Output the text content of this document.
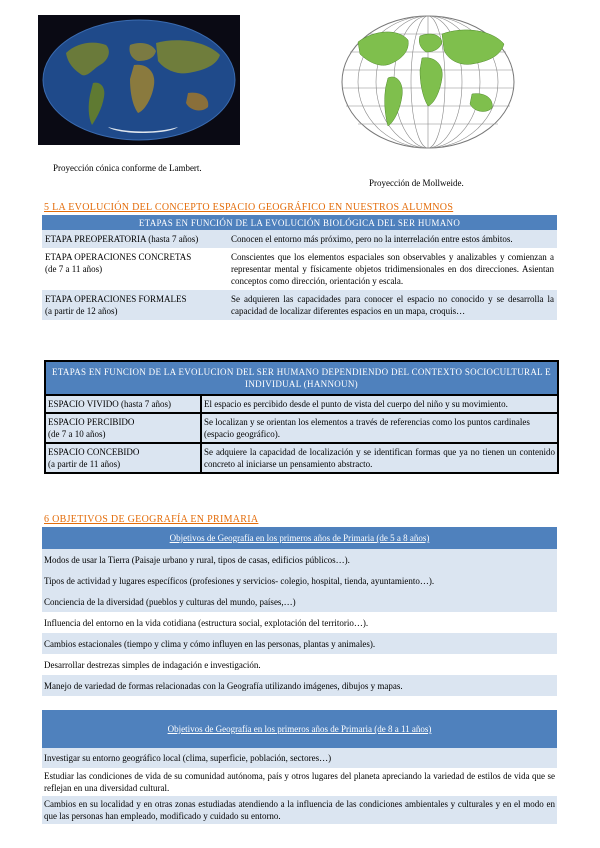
Proyección cónica conforme de Lambert.
Proyección de Mollweide.
5 LA EVOLUCIÓN DEL CONCEPTO ESPACIO GEOGRÁFICO EN NUESTROS ALUMNOS
ETAPAS EN FUNCIÓN DE LA EVOLUCIÓN BIOLÓGICA DEL SER HUMANO	
ETAPA PREOPERATORIA (hasta 7 años)	Conocen el entorno más próximo, pero no la interrelación entre estos ámbitos.
ETAPA OPERACIONES CONCRETAS
(de 7 a 11 años)	Conscientes que los elementos espaciales son observables y analizables y comienzan a representar mental y físicamente objetos tridimensionales en dos direcciones. Asientan conceptos como dirección, orientación y escala.
ETAPA OPERACIONES FORMALES
(a partir de 12 años)	Se adquieren las capacidades para conocer el espacio no conocido y se desarrolla la capacidad de localizar diferentes espacios en un mapa, croquis…
ETAPAS EN FUNCION DE LA EVOLUCION DEL SER HUMANO DEPENDIENDO DEL CONTEXTO SOCIOCULTURAL E INDIVIDUAL (HANNOUN)	
ESPACIO VIVIDO (hasta 7 años)	El espacio es percibido desde el punto de vista del cuerpo del niño y su movimiento.
ESPACIO PERCIBIDO
(de 7 a 10 años)	Se localizan y se orientan los elementos a través de referencias como los puntos cardinales (espacio geográfico).
ESPACIO CONCEBIDO
(a partir de 11 años)	Se adquiere la capacidad de localización y se identifican formas que ya no tienen un contenido concreto al iniciarse un pensamiento abstracto.
6 OBJETIVOS DE GEOGRAFÍA EN PRIMARIA
Objetivos de Geografía en los primeros años de Primaria (de 5 a 8 años)
Modos de usar la Tierra (Paisaje urbano y rural, tipos de casas, edificios públicos…).
Tipos de actividad y lugares específicos (profesiones y servicios- colegio, hospital, tienda, ayuntamiento…).
Conciencia de la diversidad (pueblos y culturas del mundo, países,…)
Influencia del entorno en la vida cotidiana (estructura social, explotación del territorio…).
Cambios estacionales (tiempo y clima y cómo influyen en las personas, plantas y animales).
Desarrollar destrezas simples de indagación e investigación.
Manejo de variedad de formas relacionadas con la Geografía utilizando imágenes, dibujos y mapas.
Objetivos de Geografía en los primeros años de Primaria (de 8 a 11 años)
Investigar su entorno geográfico local (clima, superficie, población, sectores…)
Estudiar las condiciones de vida de su comunidad autónoma, país y otros lugares del planeta apreciando la variedad de estilos de vida que se reflejan en una diversidad cultural.
Cambios en su localidad y en otras zonas estudiadas atendiendo a la influencia de las condiciones ambientales y culturales y en el modo en que las personas han empleado, modificado y cuidado su entorno.
